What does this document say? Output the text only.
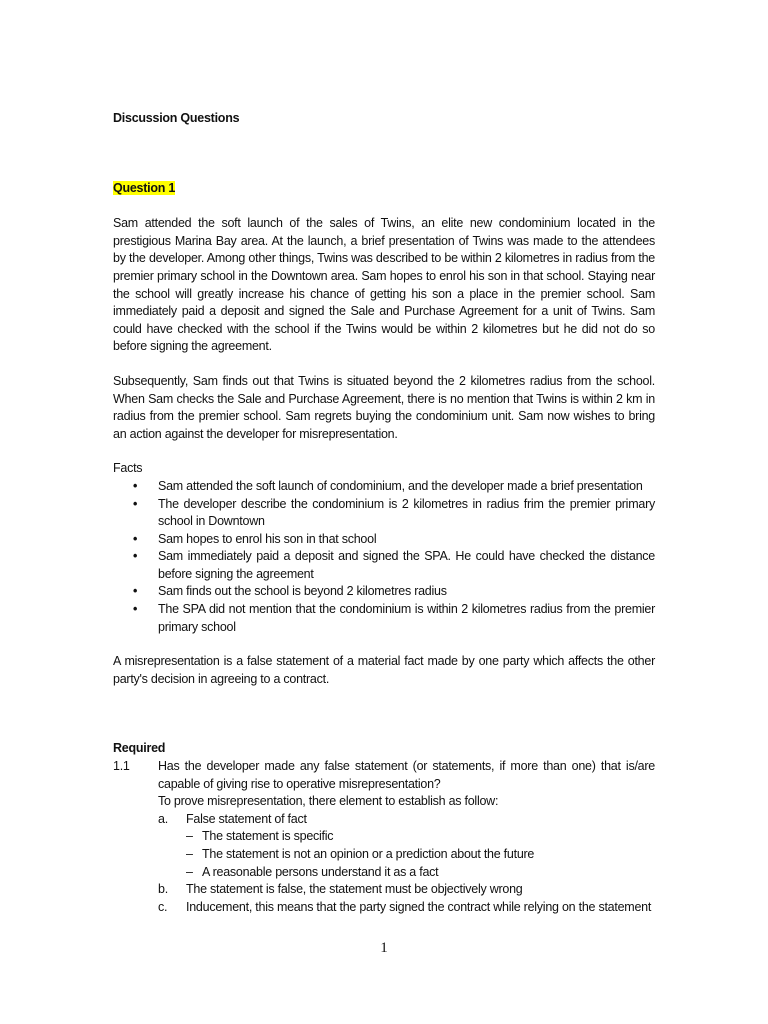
Discussion Questions

Question 1

Sam attended the soft launch of the sales of Twins, an elite new condominium located in the prestigious Marina Bay area. At the launch, a brief presentation of Twins was made to the attendees by the developer. Among other things, Twins was described to be within 2 kilometres in radius from the premier primary school in the Downtown area. Sam hopes to enrol his son in that school. Staying near the school will greatly increase his chance of getting his son a place in the premier school. Sam immediately paid a deposit and signed the Sale and Purchase Agreement for a unit of Twins. Sam could have checked with the school if the Twins would be within 2 kilometres but he did not do so before signing the agreement.

Subsequently, Sam finds out that Twins is situated beyond the 2 kilometres radius from the school. When Sam checks the Sale and Purchase Agreement, there is no mention that Twins is within 2 km in radius from the premier school. Sam regrets buying the condominium unit. Sam now wishes to bring an action against the developer for misrepresentation.

Facts

• Sam attended the soft launch of condominium, and the developer made a brief presentation
• The developer describe the condominium is 2 kilometres in radius frim the premier primary school in Downtown
• Sam hopes to enrol his son in that school
• Sam immediately paid a deposit and signed the SPA. He could have checked the distance before signing the agreement
• Sam finds out the school is beyond 2 kilometres radius
• The SPA did not mention that the condominium is within 2 kilometres radius from the premier primary school

A misrepresentation is a false statement of a material fact made by one party which affects the other party's decision in agreeing to a contract.

Required

1.1 Has the developer made any false statement (or statements, if more than one) that is/are capable of giving rise to operative misrepresentation?

To prove misrepresentation, there element to establish as follow:

a. False statement of fact

– The statement is specific
– The statement is not an opinion or a prediction about the future
– A reasonable persons understand it as a fact
b. The statement is false, the statement must be objectively wrong

c. Inducement, this means that the party signed the contract while relying on the statement

1
